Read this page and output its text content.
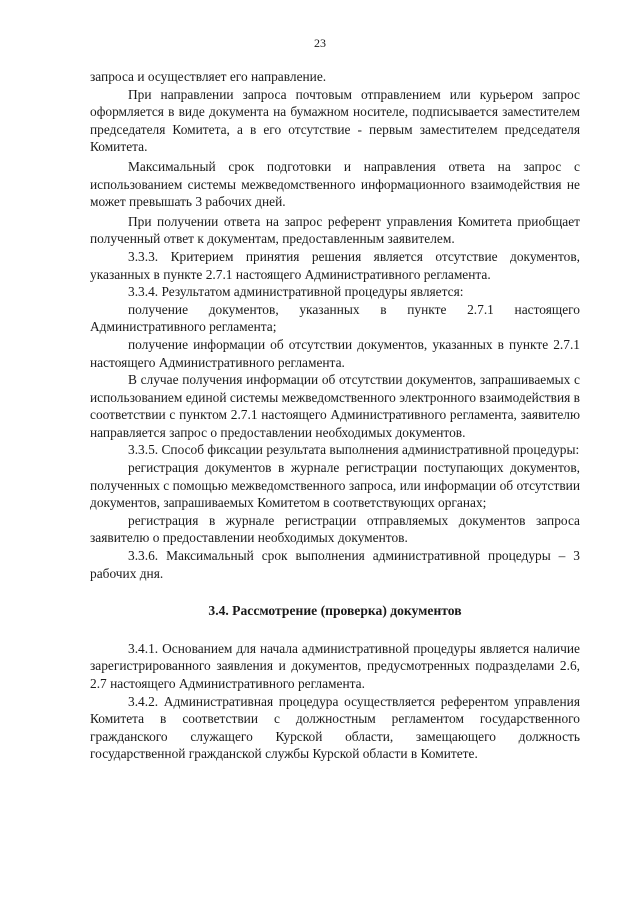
23

запроса и осуществляет его направление.

При направлении запроса почтовым отправлением или курьером запрос оформляется в виде документа на бумажном носителе, подписывается заместителем председателя Комитета, а в его отсутствие - первым заместителем председателя Комитета.

Максимальный срок подготовки и направления ответа на запрос с использованием системы межведомственного информационного взаимодействия не может превышать 3 рабочих дней.

При получении ответа на запрос референт управления Комитета приобщает полученный ответ к документам, предоставленным заявителем.

3.3.3. Критерием принятия решения является отсутствие документов, указанных в пункте 2.7.1 настоящего Административного регламента.

3.3.4. Результатом административной процедуры является:

получение документов, указанных в пункте 2.7.1 настоящего Административного регламента;

получение информации об отсутствии документов, указанных в пункте 2.7.1 настоящего Административного регламента.

В случае получения информации об отсутствии документов, запрашиваемых с использованием единой системы межведомственного электронного взаимодействия в соответствии с пунктом 2.7.1 настоящего Административного регламента, заявителю направляется запрос о предоставлении необходимых документов.

3.3.5. Способ фиксации результата выполнения административной процедуры:

регистрация документов в журнале регистрации поступающих документов, полученных с помощью межведомственного запроса, или информации об отсутствии документов, запрашиваемых Комитетом в соответствующих органах;

регистрация в журнале регистрации отправляемых документов запроса заявителю о предоставлении необходимых документов.

3.3.6. Максимальный срок выполнения административной процедуры – 3 рабочих дня.

3.4. Рассмотрение (проверка) документов

3.4.1. Основанием для начала административной процедуры является наличие зарегистрированного заявления и документов, предусмотренных подразделами 2.6, 2.7 настоящего Административного регламента.

3.4.2. Административная процедура осуществляется референтом управления Комитета в соответствии с должностным регламентом государственного гражданского служащего Курской области, замещающего должность государственной гражданской службы Курской области в Комитете.
